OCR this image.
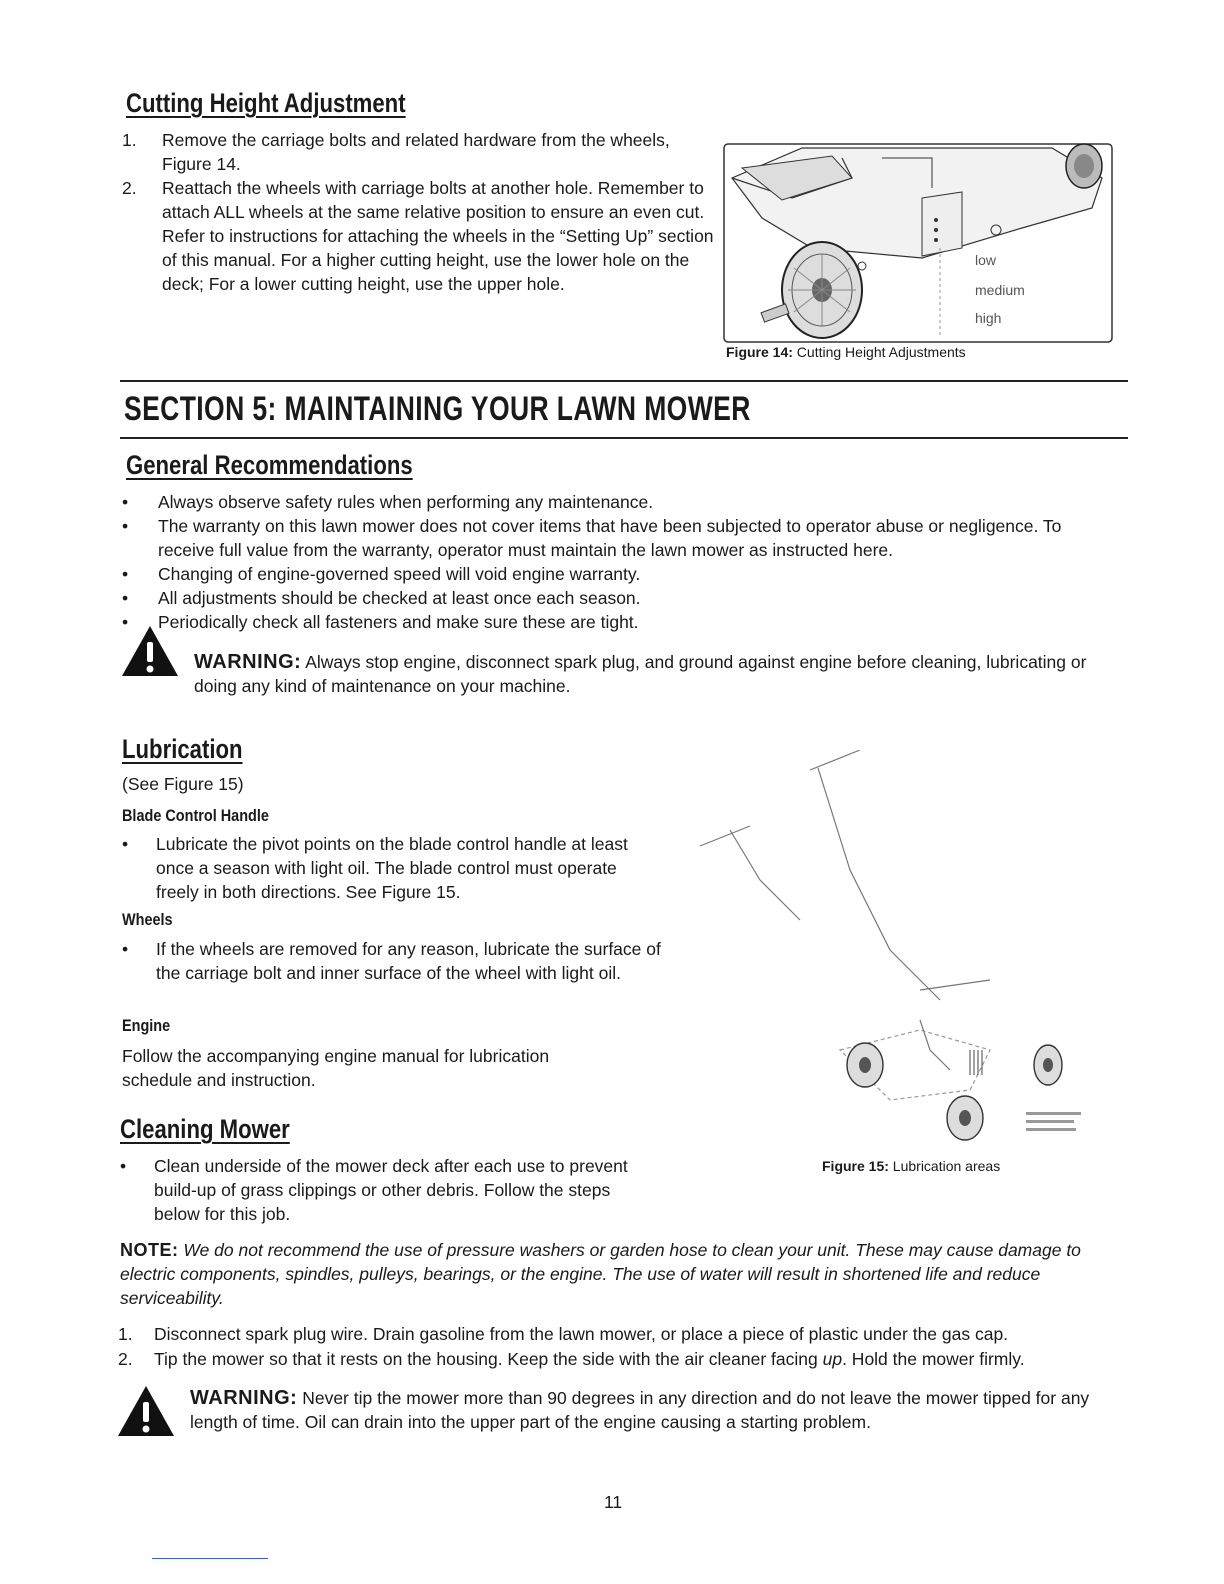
Cutting Height Adjustment
1. Remove the carriage bolts and related hardware from the wheels, Figure 14.
2. Reattach the wheels with carriage bolts at another hole. Remember to attach ALL wheels at the same relative position to ensure an even cut. Refer to instructions for attaching the wheels in the “Setting Up” section of this manual. For a higher cutting height, use the lower hole on the deck; For a lower cutting height, use the upper hole.
low
medium
high
Figure 14: Cutting Height Adjustments
SECTION 5: MAINTAINING YOUR LAWN MOWER
General Recommendations
• Always observe safety rules when performing any maintenance.
• The warranty on this lawn mower does not cover items that have been subjected to operator abuse or negligence. To receive full value from the warranty, operator must maintain the lawn mower as instructed here.
• Changing of engine-governed speed will void engine warranty.
• All adjustments should be checked at least once each season.
• Periodically check all fasteners and make sure these are tight.
WARNING: Always stop engine, disconnect spark plug, and ground against engine before cleaning, lubricating or doing any kind of maintenance on your machine.
Lubrication
(See Figure 15)
Blade Control Handle
• Lubricate the pivot points on the blade control handle at least once a season with light oil. The blade control must operate freely in both directions. See Figure 15.
Wheels
• If the wheels are removed for any reason, lubricate the surface of the carriage bolt and inner surface of the wheel with light oil.
Engine
Follow the accompanying engine manual for lubrication schedule and instruction.
Figure 15: Lubrication areas
Cleaning Mower
• Clean underside of the mower deck after each use to prevent build-up of grass clippings or other debris. Follow the steps below for this job.
NOTE: We do not recommend the use of pressure washers or garden hose to clean your unit. These may cause damage to electric components, spindles, pulleys, bearings, or the engine. The use of water will result in shortened life and reduce serviceability.
1. Disconnect spark plug wire. Drain gasoline from the lawn mower, or place a piece of plastic under the gas cap.
2. Tip the mower so that it rests on the housing. Keep the side with the air cleaner facing up. Hold the mower firmly.
WARNING: Never tip the mower more than 90 degrees in any direction and do not leave the mower tipped for any length of time. Oil can drain into the upper part of the engine causing a starting problem.
11
